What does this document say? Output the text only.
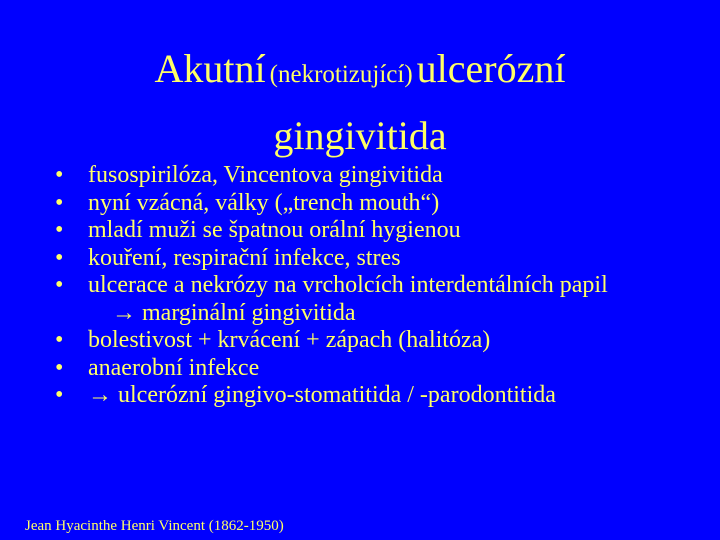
Akutní (nekrotizující) ulcerózní
gingivitida
• fusospirilóza, Vincentova gingivitida
• nyní vzácná, války („trench mouth“)
• mladí muži se špatnou orální hygienou
• kouření, respirační infekce, stres
• ulcerace a nekrózy na vrcholcích interdentálních papil
→ marginální gingivitida
• bolestivost + krvácení + zápach (halitóza)
• anaerobní infekce
• → ulcerózní gingivo-stomatitida / -parodontitida
Jean Hyacinthe Henri Vincent (1862-1950)
